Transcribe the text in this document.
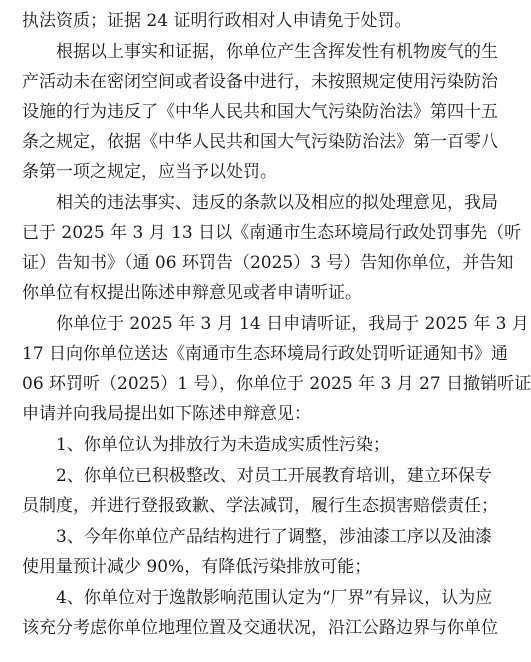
执法资质；证据 24 证明行政相对人申请免于处罚。
根据以上事实和证据，你单位产生含挥发性有机物废气的生
产活动未在密闭空间或者设备中进行，未按照规定使用污染防治
设施的行为违反了《中华人民共和国大气污染防治法》第四十五
条之规定，依据《中华人民共和国大气污染防治法》第一百零八
条第一项之规定，应当予以处罚。
相关的违法事实、违反的条款以及相应的拟处理意见，我局
已于 2025 年 3 月 13 日以《南通市生态环境局行政处罚事先（听
证）告知书》（通 06 环罚告（2025）3 号）告知你单位，并告知
你单位有权提出陈述申辩意见或者申请听证。
你单位于 2025 年 3 月 14 日申请听证，我局于 2025 年 3 月
17 日向你单位送达《南通市生态环境局行政处罚听证通知书》通
06 环罚听（2025）1 号），你单位于 2025 年 3 月 27 日撤销听证
申请并向我局提出如下陈述申辩意见：
1、你单位认为排放行为未造成实质性污染；
2、你单位已积极整改、对员工开展教育培训，建立环保专
员制度，并进行登报致歉、学法减罚，履行生态损害赔偿责任；
3、今年你单位产品结构进行了调整，涉油漆工序以及油漆
使用量预计减少 90%，有降低污染排放可能；
4、你单位对于逸散影响范围认定为“厂界”有异议，认为应
该充分考虑你单位地理位置及交通状况，沿江公路边界与你单位
